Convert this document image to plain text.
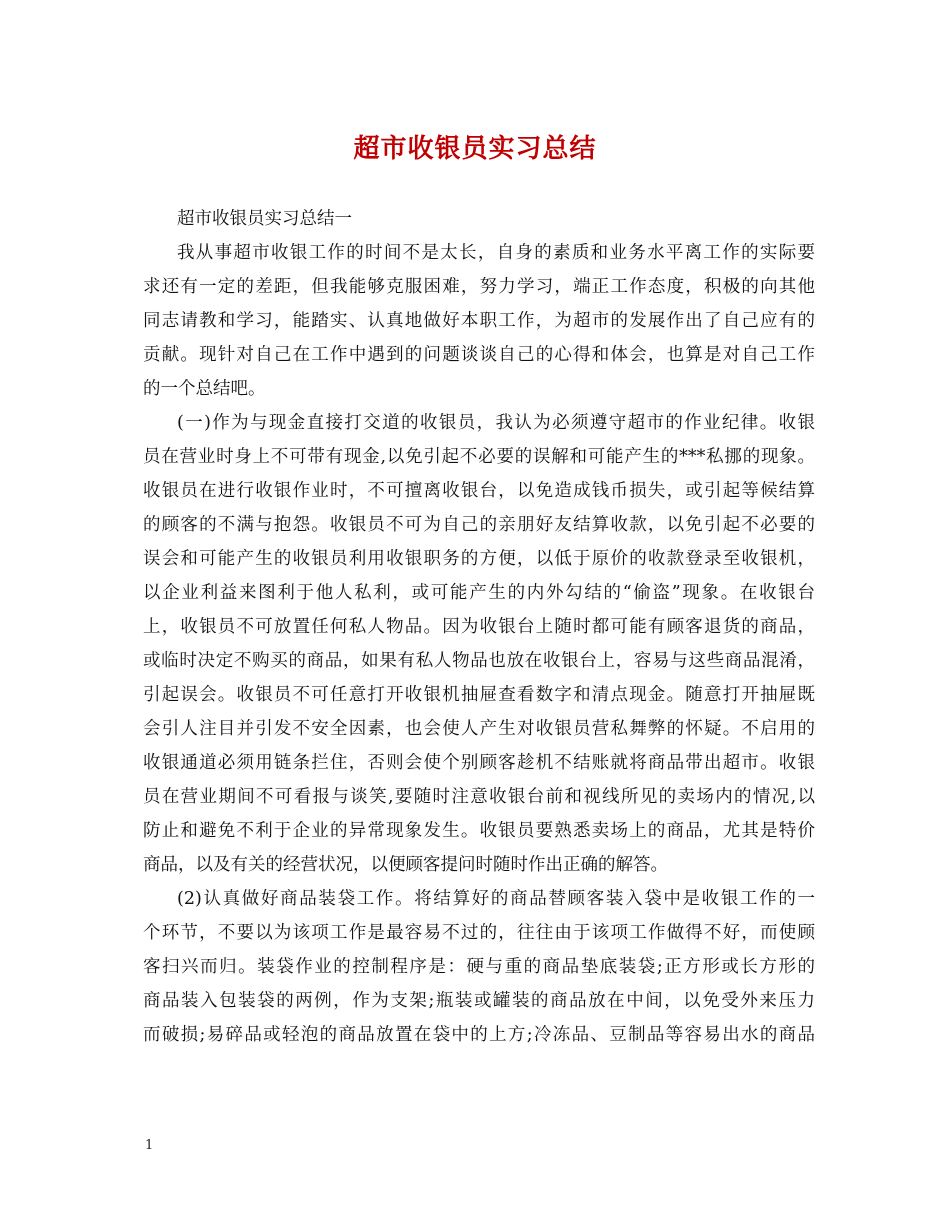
超市收银员实习总结
超市收银员实习总结一
我从事超市收银工作的时间不是太长，自身的素质和业务水平离工作的实际要
求还有一定的差距，但我能够克服困难，努力学习，端正工作态度，积极的向其他
同志请教和学习，能踏实、认真地做好本职工作，为超市的发展作出了自己应有的
贡献。现针对自己在工作中遇到的问题谈谈自己的心得和体会，也算是对自己工作
的一个总结吧。
(一)作为与现金直接打交道的收银员，我认为必须遵守超市的作业纪律。收银
员在营业时身上不可带有现金,以免引起不必要的误解和可能产生的***私挪的现象。
收银员在进行收银作业时，不可擅离收银台，以免造成钱币损失，或引起等候结算
的顾客的不满与抱怨。收银员不可为自己的亲朋好友结算收款，以免引起不必要的
误会和可能产生的收银员利用收银职务的方便，以低于原价的收款登录至收银机，
以企业利益来图利于他人私利，或可能产生的内外勾结的“偷盗”现象。在收银台
上，收银员不可放置任何私人物品。因为收银台上随时都可能有顾客退货的商品，
或临时决定不购买的商品，如果有私人物品也放在收银台上，容易与这些商品混淆，
引起误会。收银员不可任意打开收银机抽屉查看数字和清点现金。随意打开抽屉既
会引人注目并引发不安全因素，也会使人产生对收银员营私舞弊的怀疑。不启用的
收银通道必须用链条拦住，否则会使个别顾客趁机不结账就将商品带出超市。收银
员在营业期间不可看报与谈笑,要随时注意收银台前和视线所见的卖场内的情况,以
防止和避免不利于企业的异常现象发生。收银员要熟悉卖场上的商品，尤其是特价
商品，以及有关的经营状况，以便顾客提问时随时作出正确的解答。
(2)认真做好商品装袋工作。将结算好的商品替顾客装入袋中是收银工作的一
个环节，不要以为该项工作是最容易不过的，往往由于该项工作做得不好，而使顾
客扫兴而归。装袋作业的控制程序是：硬与重的商品垫底装袋;正方形或长方形的
商品装入包装袋的两例，作为支架;瓶装或罐装的商品放在中间，以免受外来压力
而破损;易碎品或轻泡的商品放置在袋中的上方;冷冻品、豆制品等容易出水的商品
1
